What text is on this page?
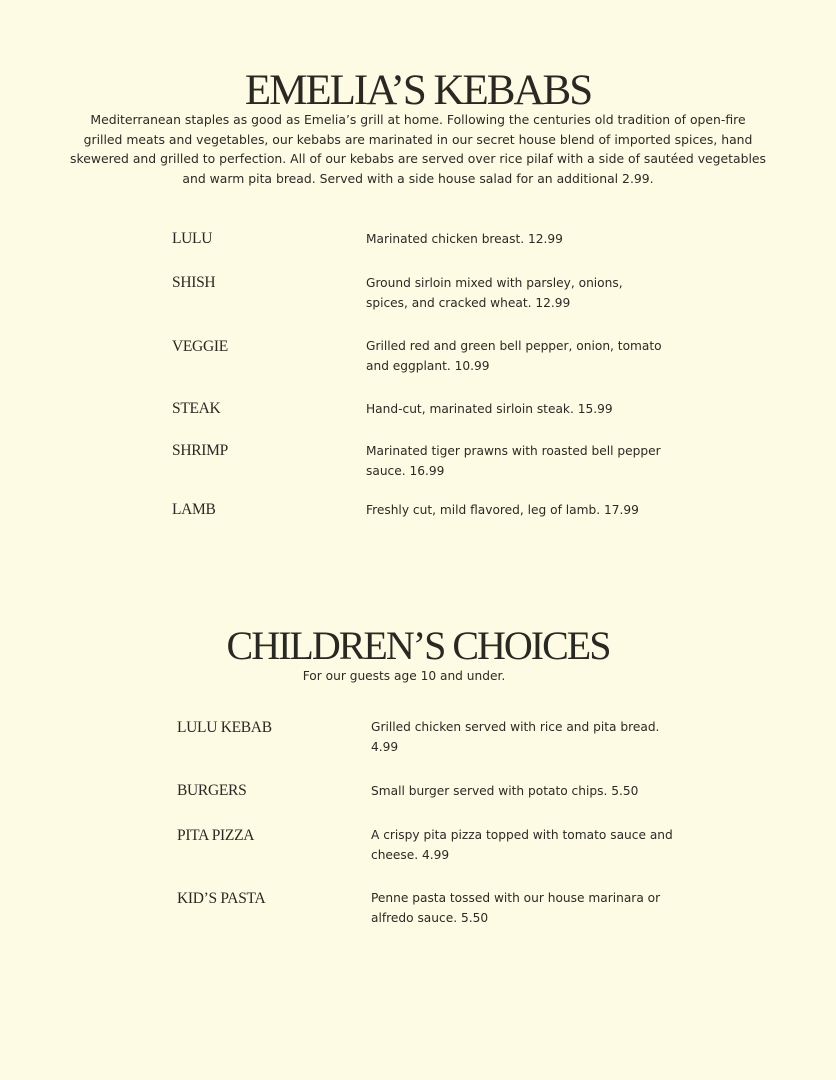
EMELIA’S KEBABS

Mediterranean staples as good as Emelia’s grill at home. Following the centuries old tradition of open-fire grilled meats and vegetables, our kebabs are marinated in our secret house blend of imported spices, hand skewered and grilled to perfection. All of our kebabs are served over rice pilaf with a side of sautéed vegetables and warm pita bread. Served with a side house salad for an additional 2.99.

LULU	Marinated chicken breast. 12.99
SHISH	Ground sirloin mixed with parsley, onions, spices, and cracked wheat. 12.99
VEGGIE	Grilled red and green bell pepper, onion, tomato and eggplant. 10.99
STEAK	Hand-cut, marinated sirloin steak. 15.99
SHRIMP	Marinated tiger prawns with roasted bell pepper sauce. 16.99
LAMB	Freshly cut, mild flavored, leg of lamb. 17.99
CHILDREN’S CHOICES
For our guests age 10 and under.
LULU KEBAB	Grilled chicken served with rice and pita bread. 4.99
BURGERS	Small burger served with potato chips. 5.50
PITA PIZZA	A crispy pita pizza topped with tomato sauce and cheese. 4.99
KID’S PASTA	Penne pasta tossed with our house marinara or alfredo sauce. 5.50
